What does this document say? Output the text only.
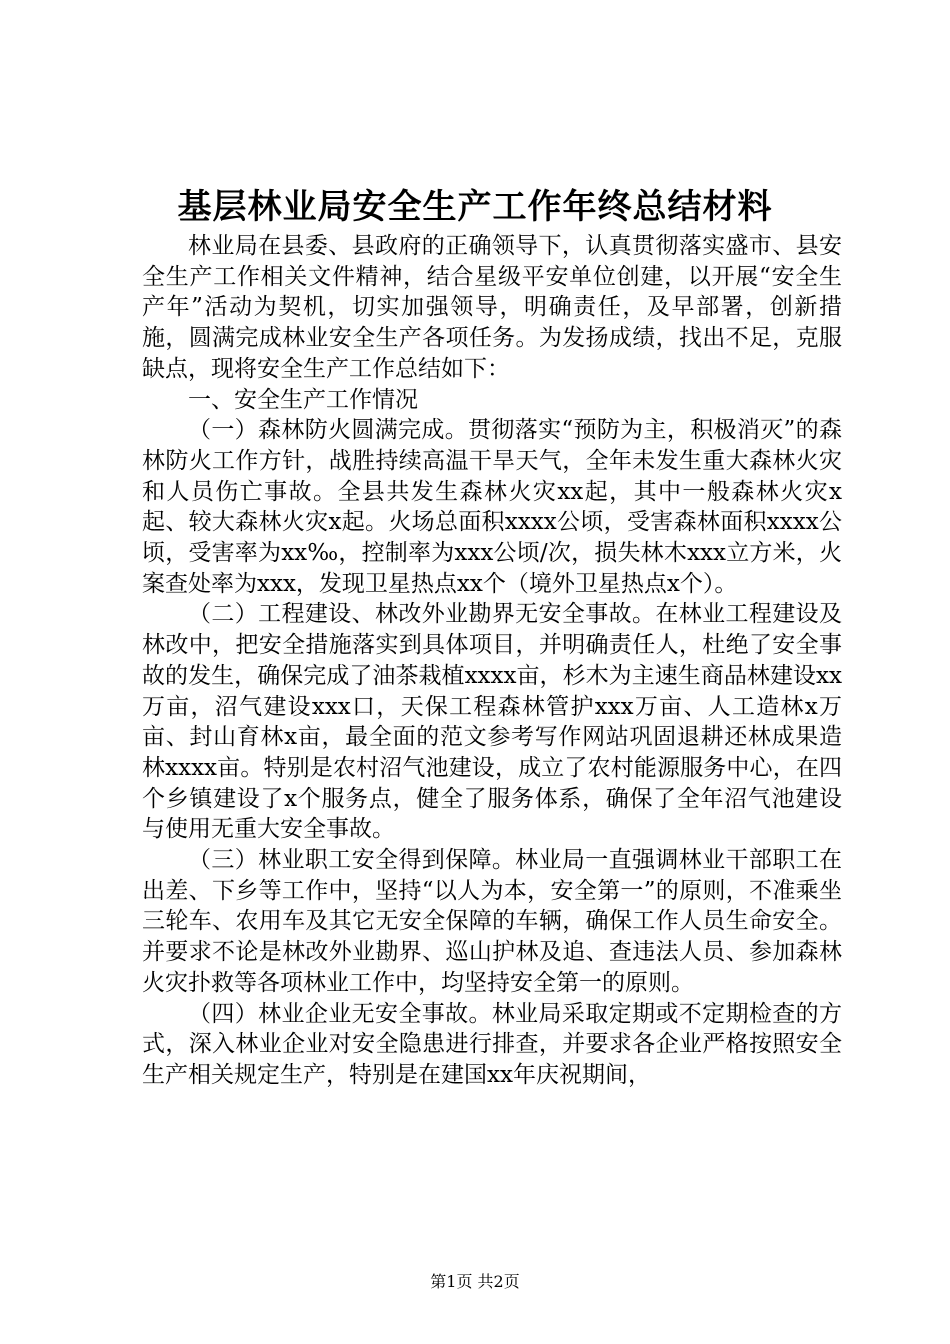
基层林业局安全生产工作年终总结材料

林业局在县委、县政府的正确领导下，认真贯彻落实盛市、县安全生产工作相关文件精神，结合星级平安单位创建，以开展“安全生产年”活动为契机，切实加强领导，明确责任，及早部署，创新措施，圆满完成林业安全生产各项任务。为发扬成绩，找出不足，克服缺点，现将安全生产工作总结如下：

一、安全生产工作情况

（一）森林防火圆满完成。贯彻落实“预防为主，积极消灭”的森林防火工作方针，战胜持续高温干旱天气，全年未发生重大森林火灾和人员伤亡事故。全县共发生森林火灾xx起，其中一般森林火灾x起、较大森林火灾x起。火场总面积xxxx公顷，受害森林面积xxxx公顷，受害率为xx‰，控制率为xxx公顷/次，损失林木xxx立方米，火案查处率为xxx，发现卫星热点xx个（境外卫星热点x个）。

（二）工程建设、林改外业勘界无安全事故。在林业工程建设及林改中，把安全措施落实到具体项目，并明确责任人，杜绝了安全事故的发生，确保完成了油茶栽植xxxx亩，杉木为主速生商品林建设xx万亩，沼气建设xxx口，天保工程森林管护xxx万亩、人工造林x万亩、封山育林x亩，最全面的范文参考写作网站巩固退耕还林成果造林xxxx亩。特别是农村沼气池建设，成立了农村能源服务中心，在四个乡镇建设了x个服务点，健全了服务体系，确保了全年沼气池建设与使用无重大安全事故。

（三）林业职工安全得到保障。林业局一直强调林业干部职工在出差、下乡等工作中，坚持“以人为本，安全第一”的原则，不准乘坐三轮车、农用车及其它无安全保障的车辆，确保工作人员生命安全。并要求不论是林改外业勘界、巡山护林及追、查违法人员、参加森林火灾扑救等各项林业工作中，均坚持安全第一的原则。

（四）林业企业无安全事故。林业局采取定期或不定期检查的方式，深入林业企业对安全隐患进行排查，并要求各企业严格按照安全生产相关规定生产，特别是在建国xx年庆祝期间，

第1页 共2页
